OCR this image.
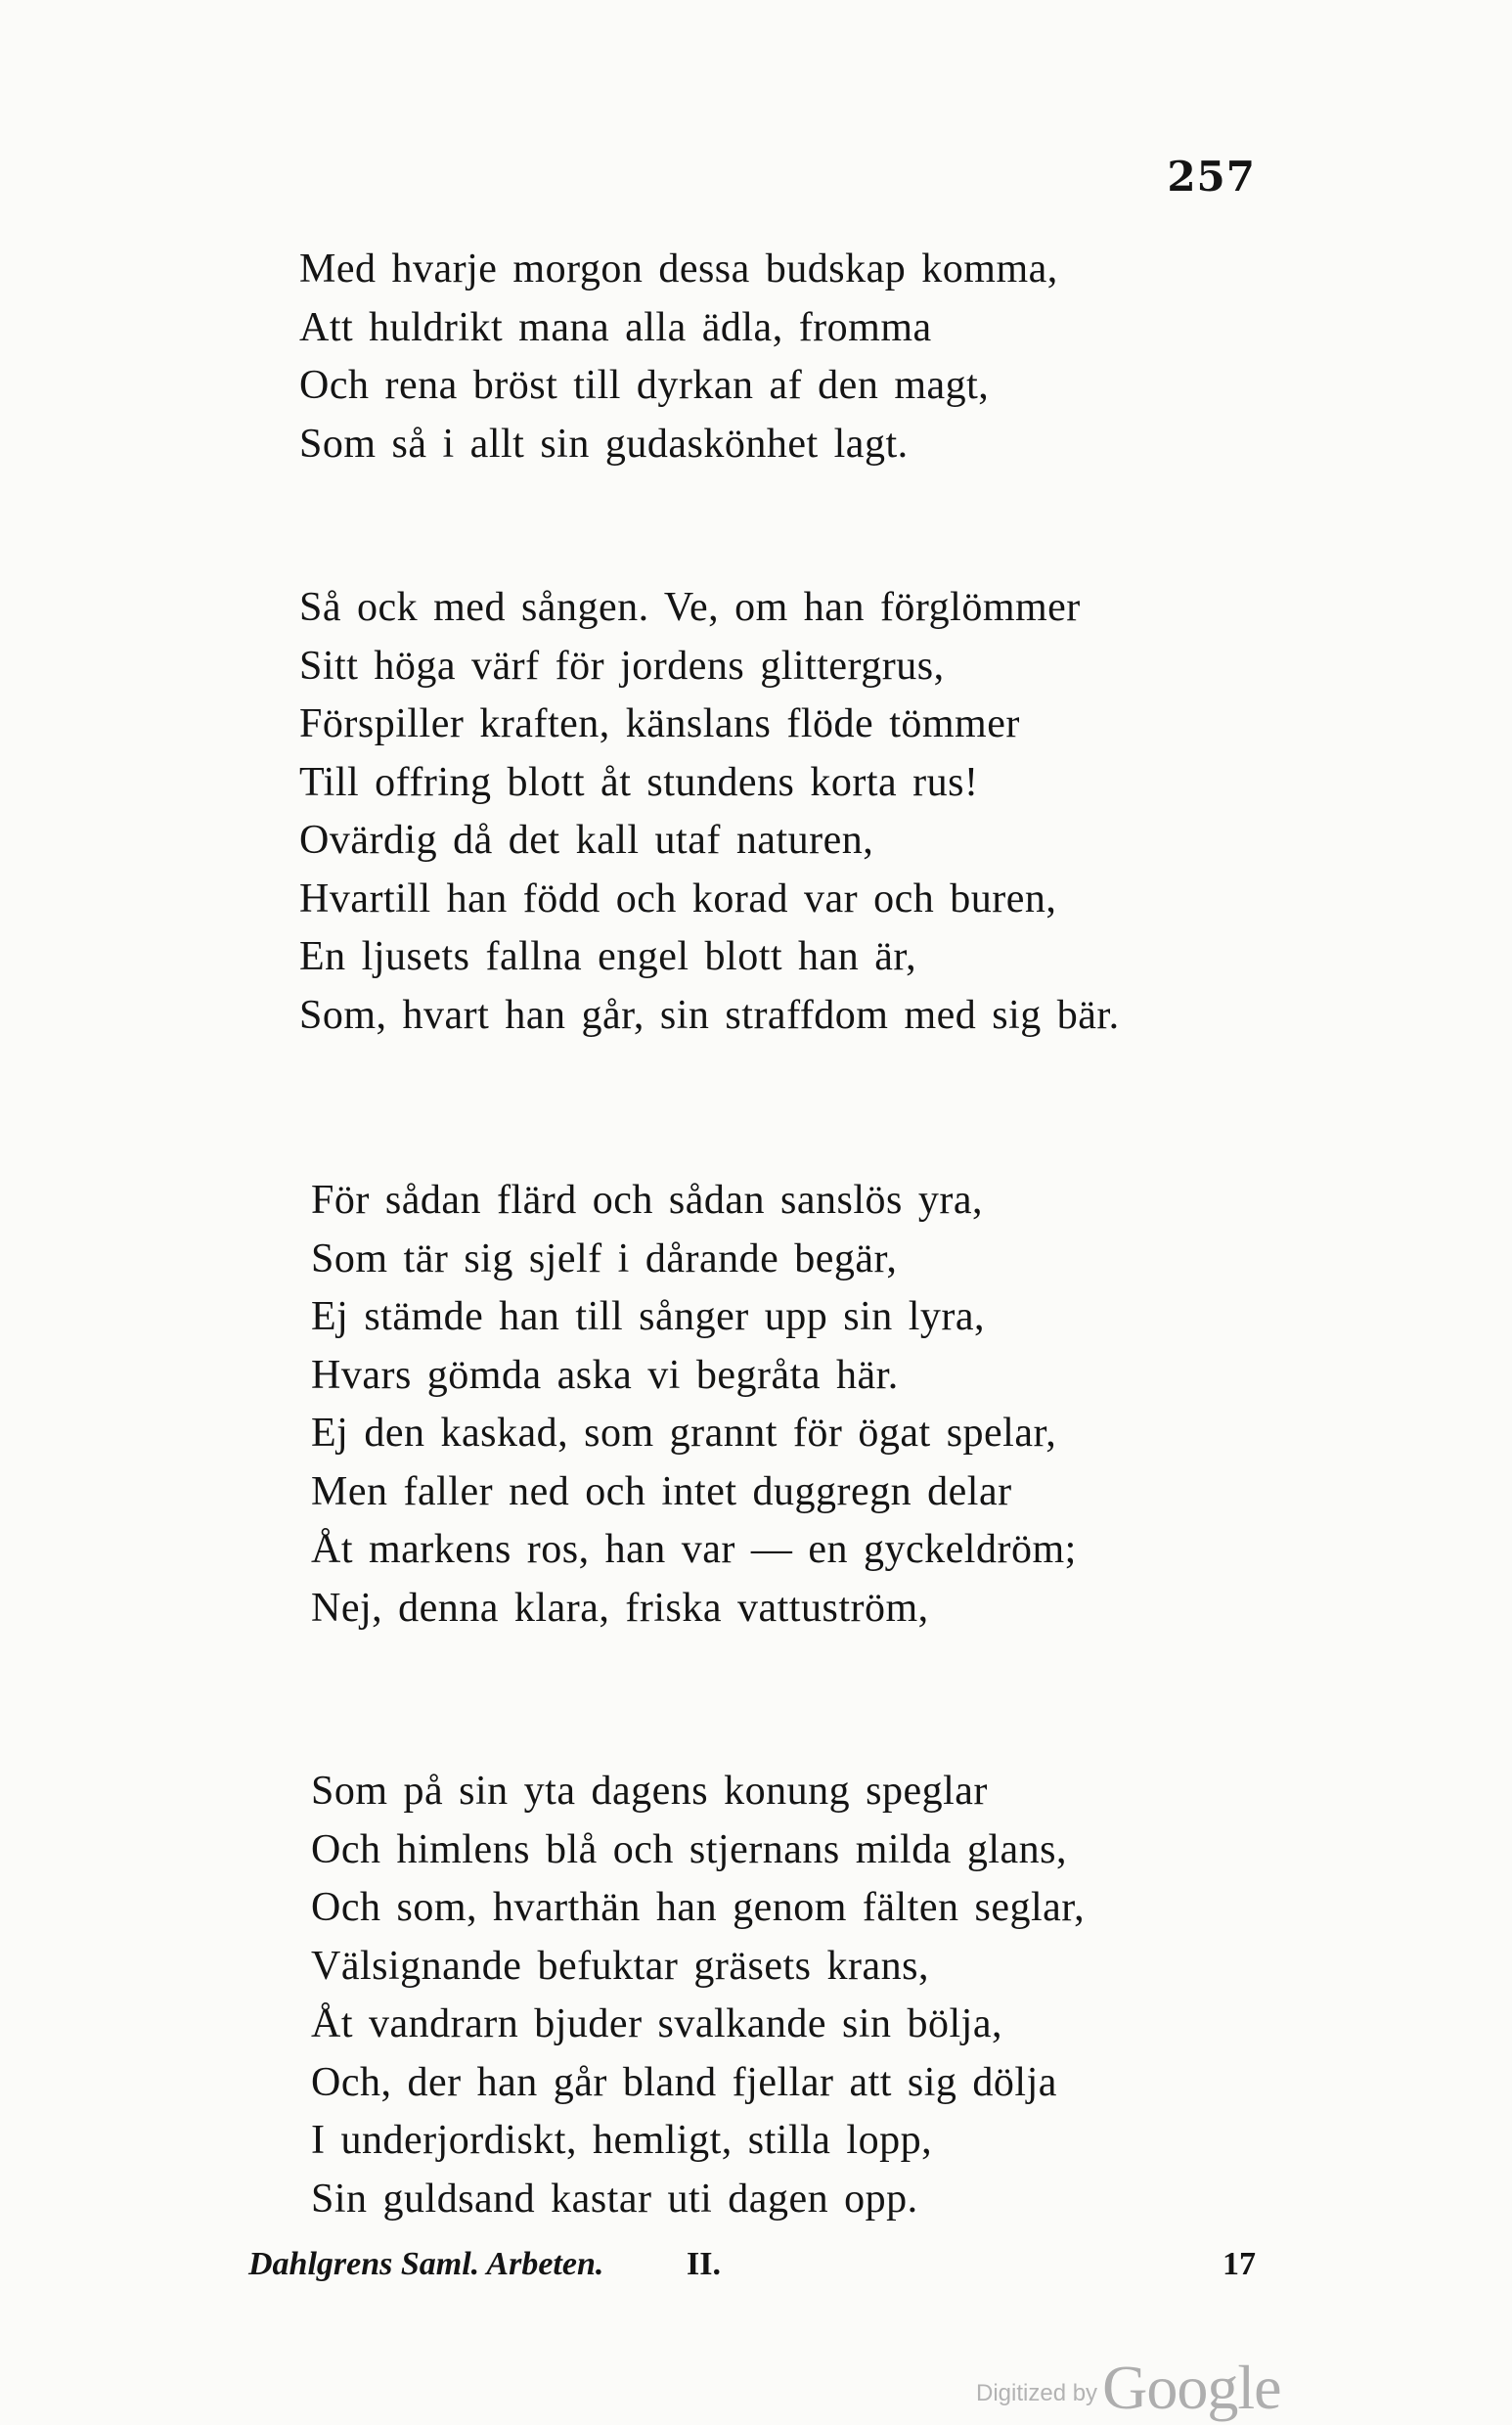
257
Med hvarje morgon dessa budskap komma,
Att huldrikt mana alla ädla, fromma
Och rena bröst till dyrkan af den magt,
Som så i allt sin gudaskönhet lagt.
Så ock med sången. Ve, om han förglömmer
Sitt höga värf för jordens glittergrus,
Förspiller kraften, känslans flöde tömmer
Till offring blott åt stundens korta rus!
Ovärdig då det kall utaf naturen,
Hvartill han född och korad var och buren,
En ljusets fallna engel blott han är,
Som, hvart han går, sin straffdom med sig bär.
För sådan flärd och sådan sanslös yra,
Som tär sig sjelf i dårande begär,
Ej stämde han till sånger upp sin lyra,
Hvars gömda aska vi begråta här.
Ej den kaskad, som grannt för ögat spelar,
Men faller ned och intet duggregn delar
Åt markens ros, han var — en gyckeldröm;
Nej, denna klara, friska vattuström,
Som på sin yta dagens konung speglar
Och himlens blå och stjernans milda glans,
Och som, hvarthän han genom fälten seglar,
Välsignande befuktar gräsets krans,
Åt vandrarn bjuder svalkande sin bölja,
Och, der han går bland fjellar att sig dölja
I underjordiskt, hemligt, stilla lopp,
Sin guldsand kastar uti dagen opp.
Dahlgrens Saml. Arbeten. II.	17
Digitized by Google
